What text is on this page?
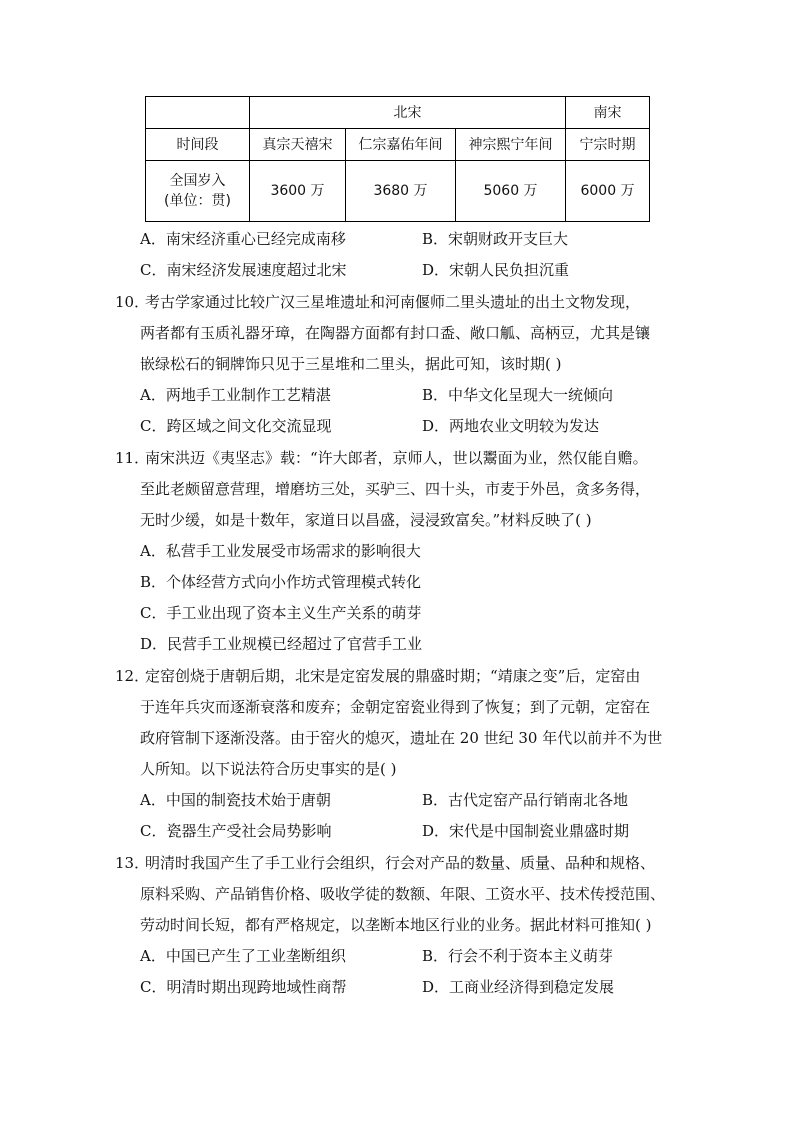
	北宋			南宋
时间段	真宗天禧宋	仁宗嘉佑年间	神宗熙宁年间	宁宗时期

全国岁入
(单位：贯)	3600 万	3680 万	5060 万	6000 万
A．南宋经济重心已经完成南移	B．宋朝财政开支巨大
C．南宋经济发展速度超过北宋	D．宋朝人民负担沉重
10．
考古学家通过比较广汉三星堆遗址和河南偃师二里头遗址的出土文物发现，
两者都有玉质礼器牙璋，在陶器方面都有封口盉、敞口觚、高柄豆，尤其是镶
嵌绿松石的铜牌饰只见于三星堆和二里头，据此可知，该时期( )
A．两地手工业制作工艺精湛	B．中华文化呈现大一统倾向
C．跨区域之间文化交流显现	D．两地农业文明较为发达
11．
南宋洪迈《夷坚志》载：“许大郎者，京师人，世以鬻面为业，然仅能自赡。
至此老颇留意营理，增磨坊三处，买驴三、四十头，市麦于外邑，贪多务得，
无时少缓，如是十数年，家道日以昌盛，浸浸致富矣。”材料反映了( )
A．私营手工业发展受市场需求的影响很大
B．个体经营方式向小作坊式管理模式转化
C．手工业出现了资本主义生产关系的萌芽
D．民营手工业规模已经超过了官营手工业
12．
定窑创烧于唐朝后期，北宋是定窑发展的鼎盛时期；“靖康之变”后，定窑由
于连年兵灾而逐渐衰落和废弃；金朝定窑瓷业得到了恢复；到了元朝，定窑在
政府管制下逐渐没落。由于窑火的熄灭，遗址在 20 世纪 30 年代以前并不为世
人所知。以下说法符合历史事实的是( )
A．中国的制瓷技术始于唐朝	B．古代定窑产品行销南北各地
C．瓷器生产受社会局势影响	D．宋代是中国制瓷业鼎盛时期
13．
明清时我国产生了手工业行会组织，行会对产品的数量、质量、品种和规格、
原料采购、产品销售价格、吸收学徒的数额、年限、工资水平、技术传授范围、
劳动时间长短，都有严格规定，以垄断本地区行业的业务。据此材料可推知( )
A．中国已产生了工业垄断组织	B．行会不利于资本主义萌芽
C．明清时期出现跨地域性商帮	D．工商业经济得到稳定发展
